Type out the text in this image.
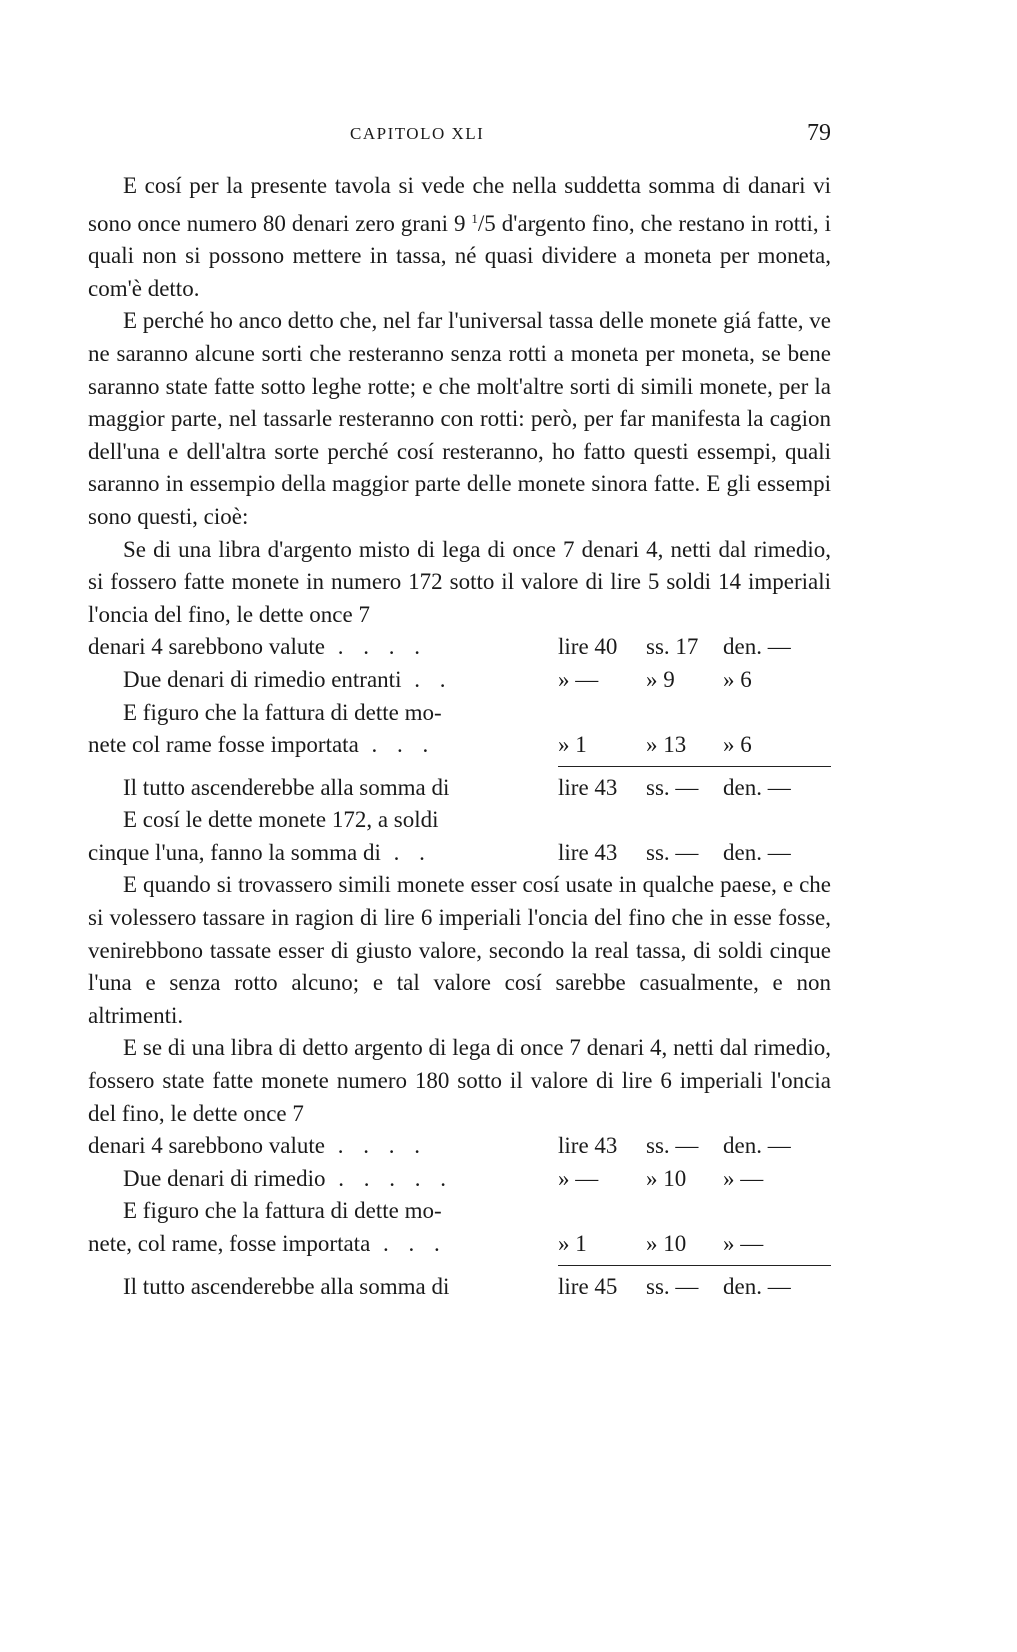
CAPITOLO XLI	79

E cosí per la presente tavola si vede che nella suddetta somma di danari vi sono once numero 80 denari zero grani 9 $^1$/5 d'argento fino, che restano in rotti, i quali non si possono mettere in tassa, né quasi dividere a moneta per moneta, com'è detto.

E perché ho anco detto che, nel far l'universal tassa delle monete giá fatte, ve ne saranno alcune sorti che resteranno senza rotti a moneta per moneta, se bene saranno state fatte sotto leghe rotte; e che molt'altre sorti di simili monete, per la maggior parte, nel tassarle resteranno con rotti: però, per far manifesta la cagion dell'una e dell'altra sorte perché cosí resteranno, ho fatto questi essempi, quali saranno in essempio della maggior parte delle monete sinora fatte. E gli essempi sono questi, cioè:

Se di una libra d'argento misto di lega di once 7 denari 4, netti dal rimedio, si fossero fatte monete in numero 172 sotto il valore di lire 5 soldi 14 imperiali l'oncia del fino, le dette once 7

denari 4 sarebbono valute . . . .	lire 40 ss. 17 den. —
Due denari di rimedio entranti . .	» — » 9 » 6
E figuro che la fattura di dette mo-
nete col rame fosse importata . . .	» 1	» 13 » 6
Il tutto ascenderebbe alla somma di	lire 43 ss. — den. —
E cosí le dette monete 172, a soldi
cinque l'una, fanno la somma di . .	lire 43 ss. — den. —

E quando si trovassero simili monete esser cosí usate in qualche paese, e che si volessero tassare in ragion di lire 6 imperiali l'oncia del fino che in esse fosse, venirebbono tassate esser di giusto valore, secondo la real tassa, di soldi cinque l'una e senza rotto alcuno; e tal valore cosí sarebbe casualmente, e non altrimenti.

E se di una libra di detto argento di lega di once 7 denari 4, netti dal rimedio, fossero state fatte monete numero 180 sotto il valore di lire 6 imperiali l'oncia del fino, le dette once 7

denari 4 sarebbono valute . . . .	lire 43 ss. — den. —
Due denari di rimedio . . . . .	» — » 10 » —
E figuro che la fattura di dette mo-
nete, col rame, fosse importata . . .	» 1	» 10 » —
Il tutto ascenderebbe alla somma di	lire 45 ss. — den. —
